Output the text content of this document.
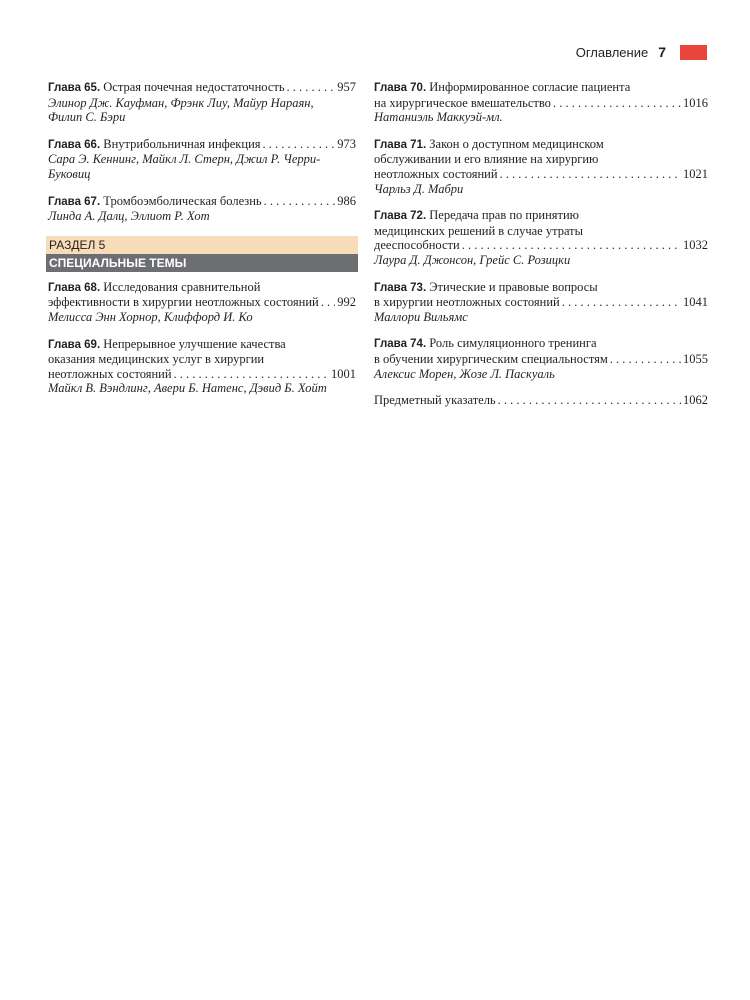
Оглавление 7
Глава 65.
Острая почечная недостаточность . . .	957
Элинор Дж. Кауфман, Фрэнк Лиу, Майур Нараян,
Филип С. Бэри
Глава 66.
Внутрибольничная инфекция . . .	973
Сара Э. Кеннинг, Майкл Л. Стерн, Джил Р. Черри-Буковиц
Глава 67.
Тромбоэмболическая болезнь . . .	986
Линда А. Далц, Эллиот Р. Хот
РАЗДЕЛ 5
СПЕЦИАЛЬНЫЕ ТЕМЫ
Глава 68.
Исследования сравнительной
эффективности в хирургии неотложных состояний . . . 992
Мелисса Энн Хорнор, Клиффорд И. Ко
Глава 69.
Непрерывное улучшение качества
оказания медицинских услуг в хирургии
неотложных состояний . . .	1001
Майкл В. Вэндлинг, Авери Б. Натенс, Дэвид Б. Хойт
Глава 70.
Информированное согласие пациента
на хирургическое вмешательство . . .	1016
Натаниэль Маккуэй-мл.
Глава 71.
Закон о доступном медицинском
обслуживании и его влияние на хирургию
неотложных состояний . . .	1021
Чарльз Д. Мабри
Глава 72.
Передача прав по принятию
медицинских решений в случае утраты
дееспособности . . .	1032
Лаура Д. Джонсон, Грейс С. Розицки
Глава 73.
Этические и правовые вопросы
в хирургии неотложных состояний . . .	1041
Маллори Вильямс
Глава 74.
Роль симуляционного тренинга
в обучении хирургическим специальностям . . .	1055
Алексис Морен, Жозе Л. Паскуаль
Предметный указатель . . .	1062
